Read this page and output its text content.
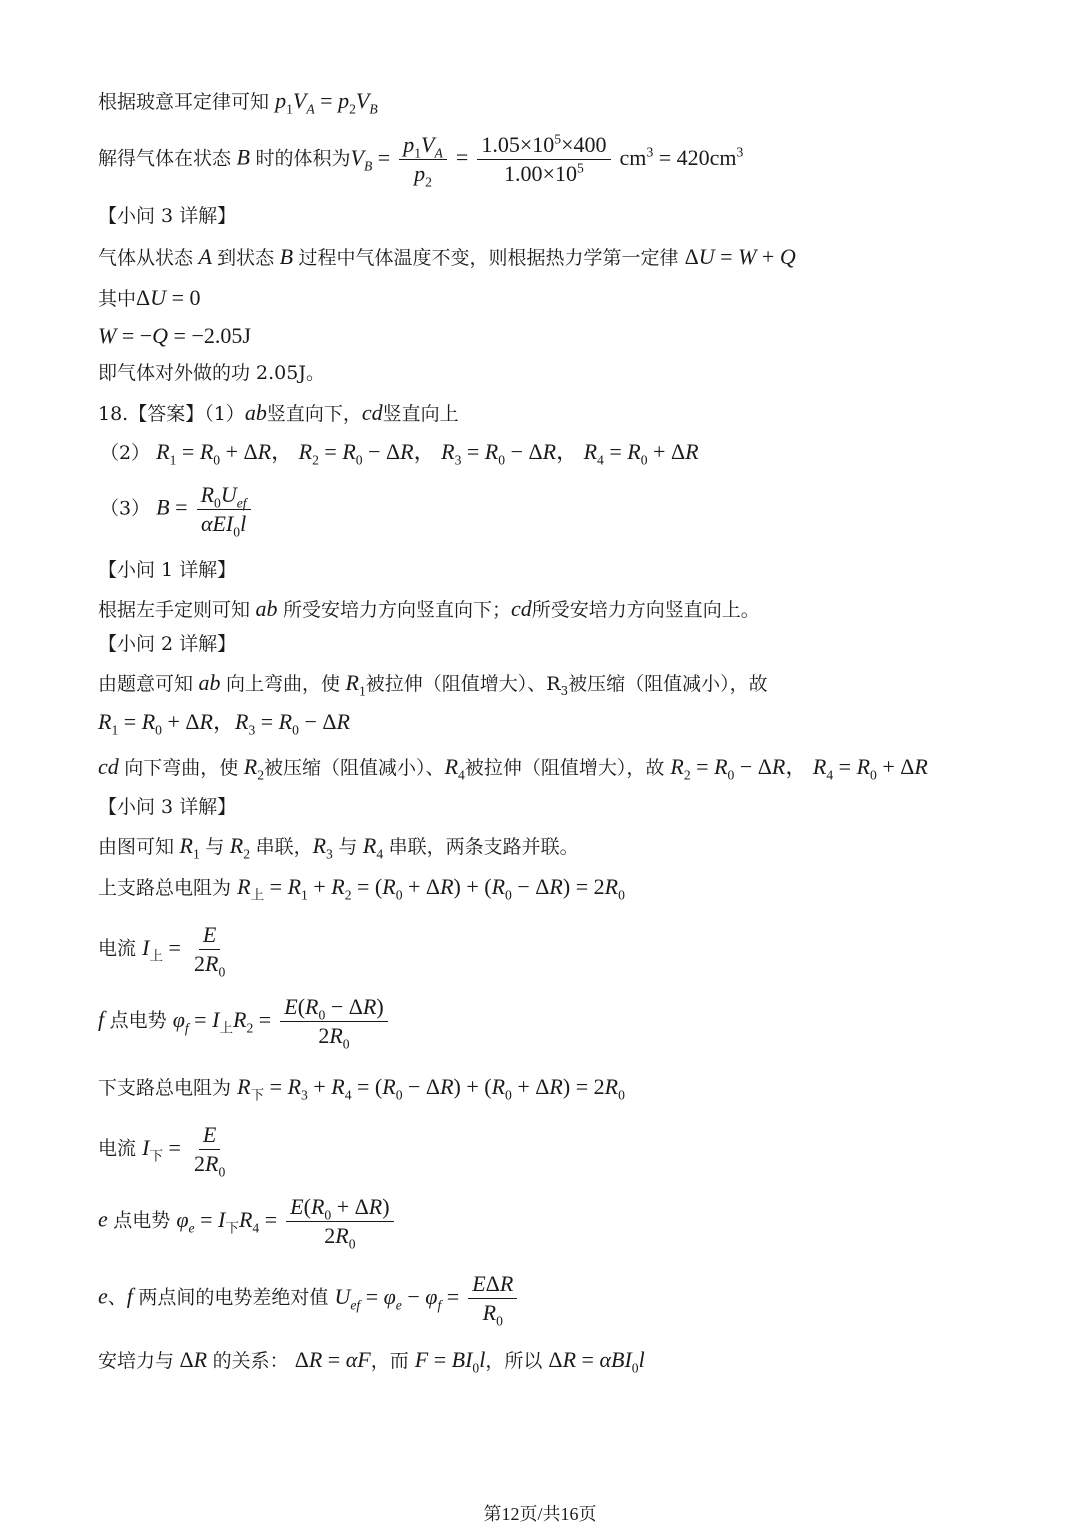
根据玻意耳定律可知 $p_1V_A = p_2V_B$
解得气体在状态 B 时的体积为$V_B = \frac{p_1V_A}{p_2} = \frac{1.05\times 10^5\times 400}{1.00\times 10^5} cm^3 = 420cm^3$
【小问 3 详解】
气体从状态 A 到状态 B 过程中气体温度不变，则根据热力学第一定律 ΔU = W + Q
其中ΔU = 0
W = −Q = −2.05J
即气体对外做的功 2.05J。
18.【答案】（1）ab竖直向下，cd竖直向上
（2） $R_1 = R_0 + \Delta R$， $R_2 = R_0 - \Delta R$， $R_3 = R_0 - \Delta R$， $R_4 = R_0 + \Delta R$
（3） $B = \frac{R_0U_{ef}}{\alpha EI_0l}$
【小问 1 详解】
根据左手定则可知 ab 所受安培力方向竖直向下；cd所受安培力方向竖直向上。
【小问 2 详解】
由题意可知 ab 向上弯曲，使 $R_1$被拉伸（阻值增大）、$R_3$被压缩（阻值减小），故
$R_1 = R_0 + \Delta R$，$R_3 = R_0 - \Delta R$
cd 向下弯曲，使 $R_2$被压缩（阻值减小）、$R_4$被拉伸（阻值增大），故 $R_2 = R_0 - \Delta R$， $R_4 = R_0 + \Delta R$
【小问 3 详解】
由图可知 $R_1$ 与 $R_2$ 串联，$R_3$ 与 $R_4$ 串联，两条支路并联。
上支路总电阻为 $R_上 = R_1 + R_2 = (R_0 + \Delta R) + (R_0 - \Delta R) = 2R_0$
电流 $I_上 = \frac{E}{2R_0}$
f 点电势 $\varphi_f = I_上R_2 = \frac{E(R_0 - \Delta R)}{2R_0}$
下支路总电阻为 $R_下 = R_3 + R_4 = (R_0 - \Delta R) + (R_0 + \Delta R) = 2R_0$
电流 $I_下 = \frac{E}{2R_0}$
e 点电势 $\varphi_e = I_下R_4 = \frac{E(R_0 + \Delta R)}{2R_0}$
e、f 两点间的电势差绝对值 $U_{ef} = \varphi_e - \varphi_f = \frac{\text{EΔR}}{R_0}$
安培力与 ΔR 的关系： ΔR = αF，而 $F = BI_0l$，所以 ΔR = αBI$_0$l
第12页/共16页
